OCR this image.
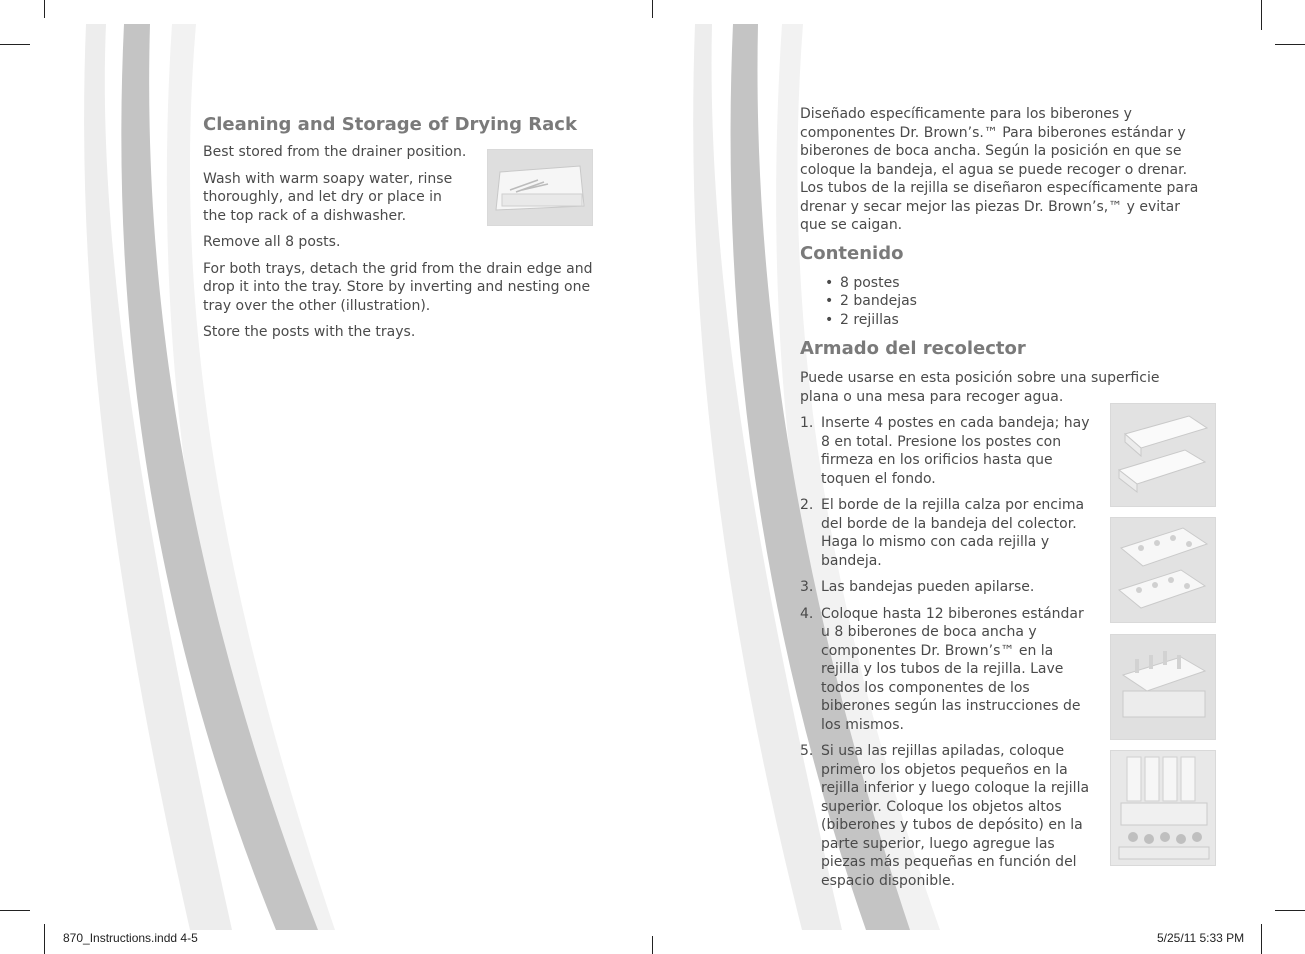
Cleaning and Storage of Drying Rack

Best stored from the drainer position.

Wash with warm soapy water, rinse thoroughly, and let dry or place in the top rack of a dishwasher.

Remove all 8 posts.

For both trays, detach the grid from the drain edge and drop it into the tray. Store by inverting and nesting one tray over the other (illustration).

Store the posts with the trays.

Diseñado específicamente para los biberones y componentes Dr. Brown’s.™ Para biberones estándar y biberones de boca ancha. Según la posición en que se coloque la bandeja, el agua se puede recoger o drenar. Los tubos de la rejilla se diseñaron específicamente para drenar y secar mejor las piezas Dr. Brown’s,™ y evitar que se caigan.

Contenido
• 8 postes
• 2 bandejas
• 2 rejillas
Armado del recolector

Puede usarse en esta posición sobre una superficie plana o una mesa para recoger agua.

1. Inserte 4 postes en cada bandeja; hay 8 en total. Presione los postes con firmeza en los orificios hasta que toquen el fondo.
2. El borde de la rejilla calza por encima del borde de la bandeja del colector. Haga lo mismo con cada rejilla y bandeja.
3. Las bandejas pueden apilarse.
4. Coloque hasta 12 biberones estándar u 8 biberones de boca ancha y componentes Dr. Brown’s™ en la rejilla y los tubos de la rejilla. Lave todos los componentes de los biberones según las instrucciones de los mismos.
5. Si usa las rejillas apiladas, coloque primero los objetos pequeños en la rejilla inferior y luego coloque la rejilla superior. Coloque los objetos altos (biberones y tubos de depósito) en la parte superior, luego agregue las piezas más pequeñas en función del espacio disponible.
870_Instructions.indd 4-5	5/25/11 5:33 PM
